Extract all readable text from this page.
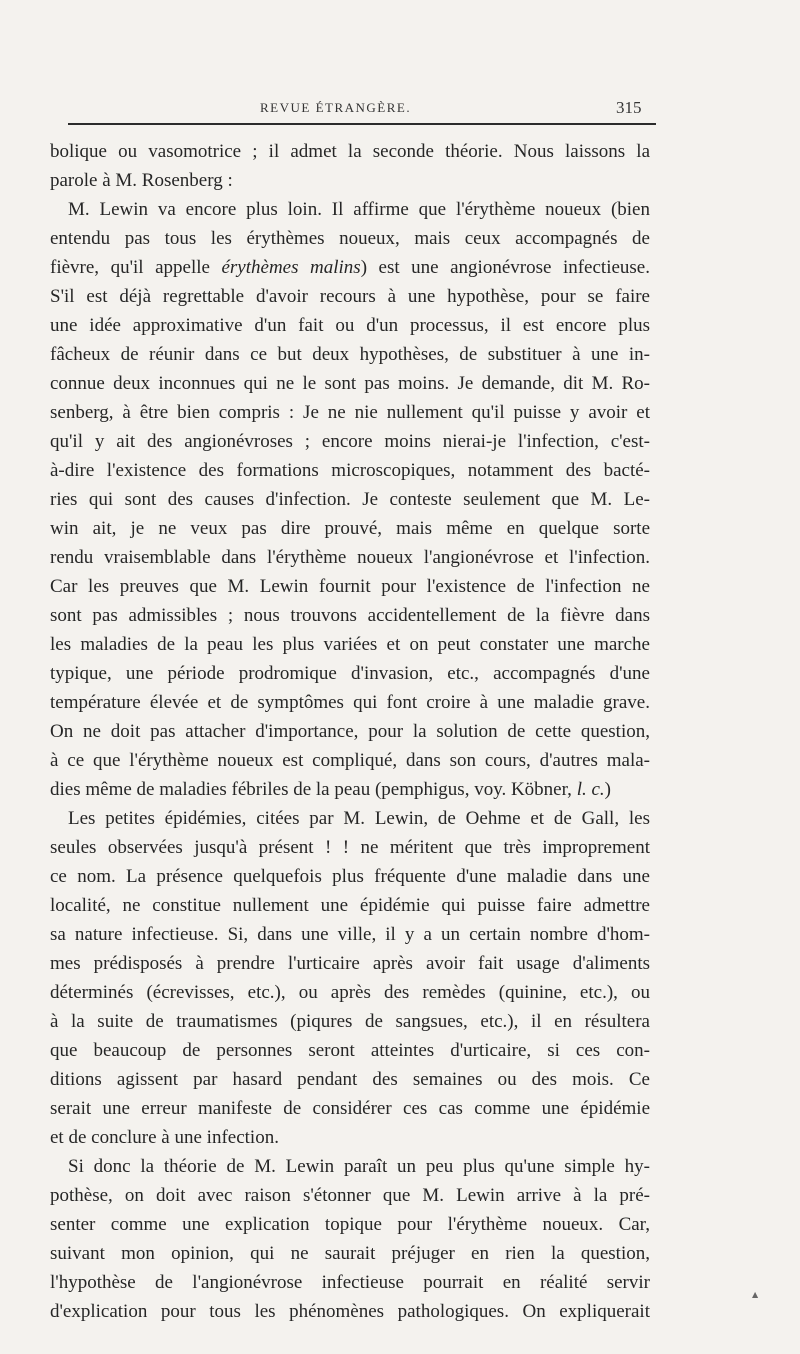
REVUE ÉTRANGÈRE.	315
bolique ou vasomotrice ; il admet la seconde théorie. Nous laissons la
parole à M. Rosenberg :
M. Lewin va encore plus loin. Il affirme que l'érythème noueux (bien
entendu pas tous les érythèmes noueux, mais ceux accompagnés de
fièvre, qu'il appelle érythèmes malins) est une angionévrose infectieuse.
S'il est déjà regrettable d'avoir recours à une hypothèse, pour se faire
une idée approximative d'un fait ou d'un processus, il est encore plus
fâcheux de réunir dans ce but deux hypothèses, de substituer à une in-
connue deux inconnues qui ne le sont pas moins. Je demande, dit M. Ro-
senberg, à être bien compris : Je ne nie nullement qu'il puisse y avoir et
qu'il y ait des angionévroses ; encore moins nierai-je l'infection, c'est-
à-dire l'existence des formations microscopiques, notamment des bacté-
ries qui sont des causes d'infection. Je conteste seulement que M. Le-
win ait, je ne veux pas dire prouvé, mais même en quelque sorte
rendu vraisemblable dans l'érythème noueux l'angionévrose et l'infection.
Car les preuves que M. Lewin fournit pour l'existence de l'infection ne
sont pas admissibles ; nous trouvons accidentellement de la fièvre dans
les maladies de la peau les plus variées et on peut constater une marche
typique, une période prodromique d'invasion, etc., accompagnés d'une
température élevée et de symptômes qui font croire à une maladie grave.
On ne doit pas attacher d'importance, pour la solution de cette question,
à ce que l'érythème noueux est compliqué, dans son cours, d'autres mala-
dies même de maladies fébriles de la peau (pemphigus, voy. Köbner, l. c.)
Les petites épidémies, citées par M. Lewin, de Oehme et de Gall, les
seules observées jusqu'à présent ! ! ne méritent que très improprement
ce nom. La présence quelquefois plus fréquente d'une maladie dans une
localité, ne constitue nullement une épidémie qui puisse faire admettre
sa nature infectieuse. Si, dans une ville, il y a un certain nombre d'hom-
mes prédisposés à prendre l'urticaire après avoir fait usage d'aliments
déterminés (écrevisses, etc.), ou après des remèdes (quinine, etc.), ou
à la suite de traumatismes (piqures de sangsues, etc.), il en résultera
que beaucoup de personnes seront atteintes d'urticaire, si ces con-
ditions agissent par hasard pendant des semaines ou des mois. Ce
serait une erreur manifeste de considérer ces cas comme une épidémie
et de conclure à une infection.
Si donc la théorie de M. Lewin paraît un peu plus qu'une simple hy-
pothèse, on doit avec raison s'étonner que M. Lewin arrive à la pré-
senter comme une explication topique pour l'érythème noueux. Car,
suivant mon opinion, qui ne saurait préjuger en rien la question,
l'hypothèse de l'angionévrose infectieuse pourrait en réalité servir
d'explication pour tous les phénomènes pathologiques. On expliquerait
▲
